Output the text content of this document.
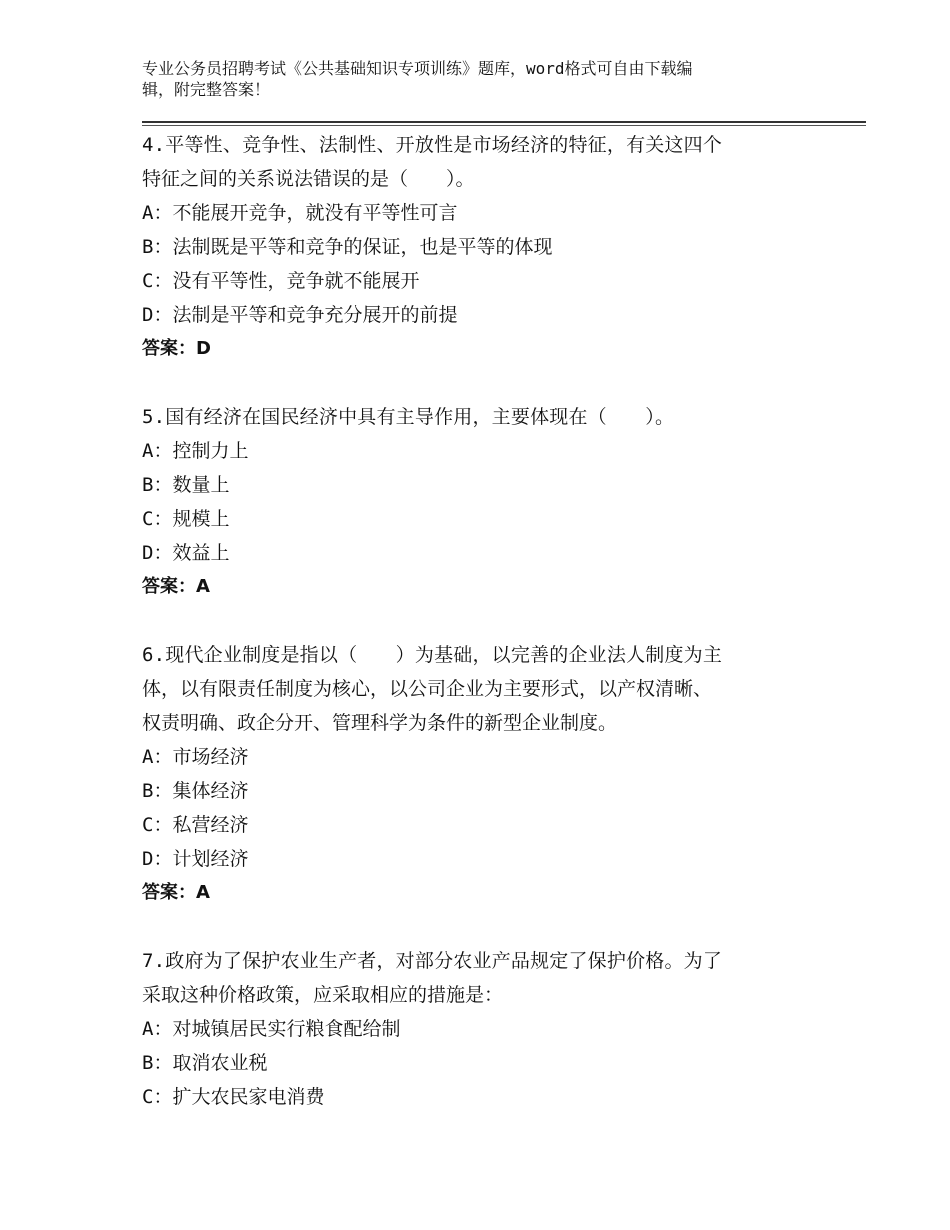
专业公务员招聘考试《公共基础知识专项训练》题库，word格式可自由下载编
辑，附完整答案！
4.平等性、竞争性、法制性、开放性是市场经济的特征，有关这四个
特征之间的关系说法错误的是（　　）。
A：不能展开竞争，就没有平等性可言
B：法制既是平等和竞争的保证，也是平等的体现
C：没有平等性，竞争就不能展开
D：法制是平等和竞争充分展开的前提
答案：D
5.国有经济在国民经济中具有主导作用，主要体现在（　　）。
A：控制力上
B：数量上
C：规模上
D：效益上
答案：A
6.现代企业制度是指以（　　）为基础，以完善的企业法人制度为主
体，以有限责任制度为核心，以公司企业为主要形式，以产权清晰、
权责明确、政企分开、管理科学为条件的新型企业制度。
A：市场经济
B：集体经济
C：私营经济
D：计划经济
答案：A
7.政府为了保护农业生产者，对部分农业产品规定了保护价格。为了
采取这种价格政策，应采取相应的措施是：
A：对城镇居民实行粮食配给制
B：取消农业税
C：扩大农民家电消费
